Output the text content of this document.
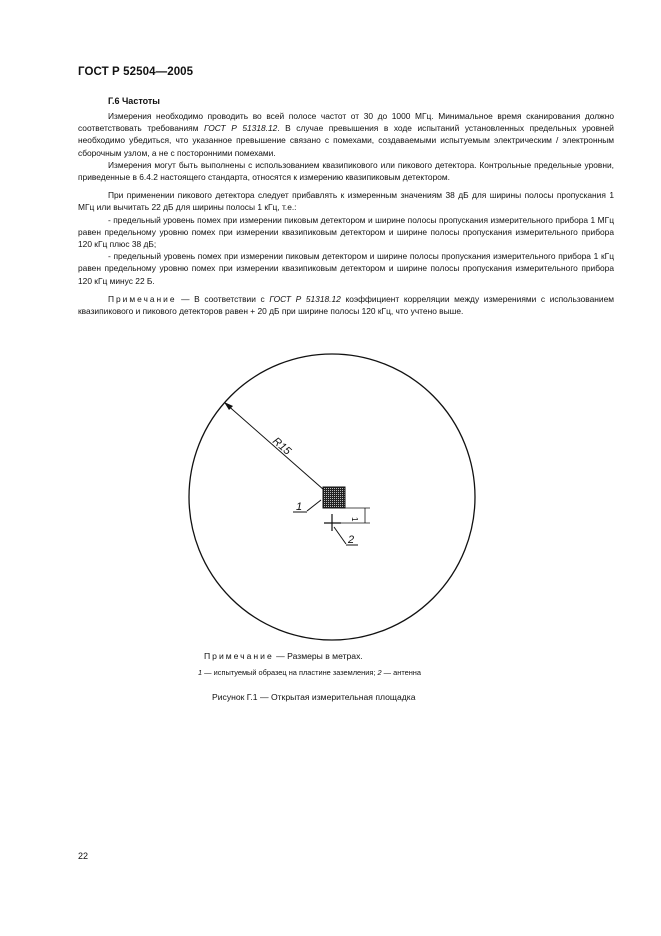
ГОСТ Р 52504—2005
Г.6 Частоты

Измерения необходимо проводить во всей полосе частот от 30 до 1000 МГц. Минимальное время сканирования должно соответствовать требованиям ГОСТ Р 51318.12. В случае превышения в ходе испытаний установленных предельных уровней необходимо убедиться, что указанное превышение связано с помехами, создаваемыми испытуемым электрическим / электронным сборочным узлом, а не с посторонними помехами.

Измерения могут быть выполнены с использованием квазипикового или пикового детектора. Контрольные предельные уровни, приведенные в 6.4.2 настоящего стандарта, относятся к измерению квазипиковым детектором.

При применении пикового детектора следует прибавлять к измеренным значениям 38 дБ для ширины полосы пропускания 1 МГц или вычитать 22 дБ для ширины полосы 1 кГц, т.е.:

- предельный уровень помех при измерении пиковым детектором и ширине полосы пропускания измерительного прибора 1 МГц равен предельному уровню помех при измерении квазипиковым детектором и ширине полосы пропускания измерительного прибора 120 кГц плюс 38 дБ;

- предельный уровень помех при измерении пиковым детектором и ширине полосы пропускания измерительного прибора 1 кГц равен предельному уровню помех при измерении квазипиковым детектором и ширине полосы пропускания измерительного прибора 120 кГц минус 22 Б.

Примечание — В соответствии с ГОСТ Р 51318.12 коэффициент корреляции между измерениями с использованием квазипикового и пикового детекторов равен + 20 дБ при ширине полосы 120 кГц, что учтено выше.

R15
1
1
2
Примечание — Размеры в метрах.
1 — испытуемый образец на пластине заземления; 2 — антенна
Рисунок Г.1 — Открытая измерительная площадка
22
